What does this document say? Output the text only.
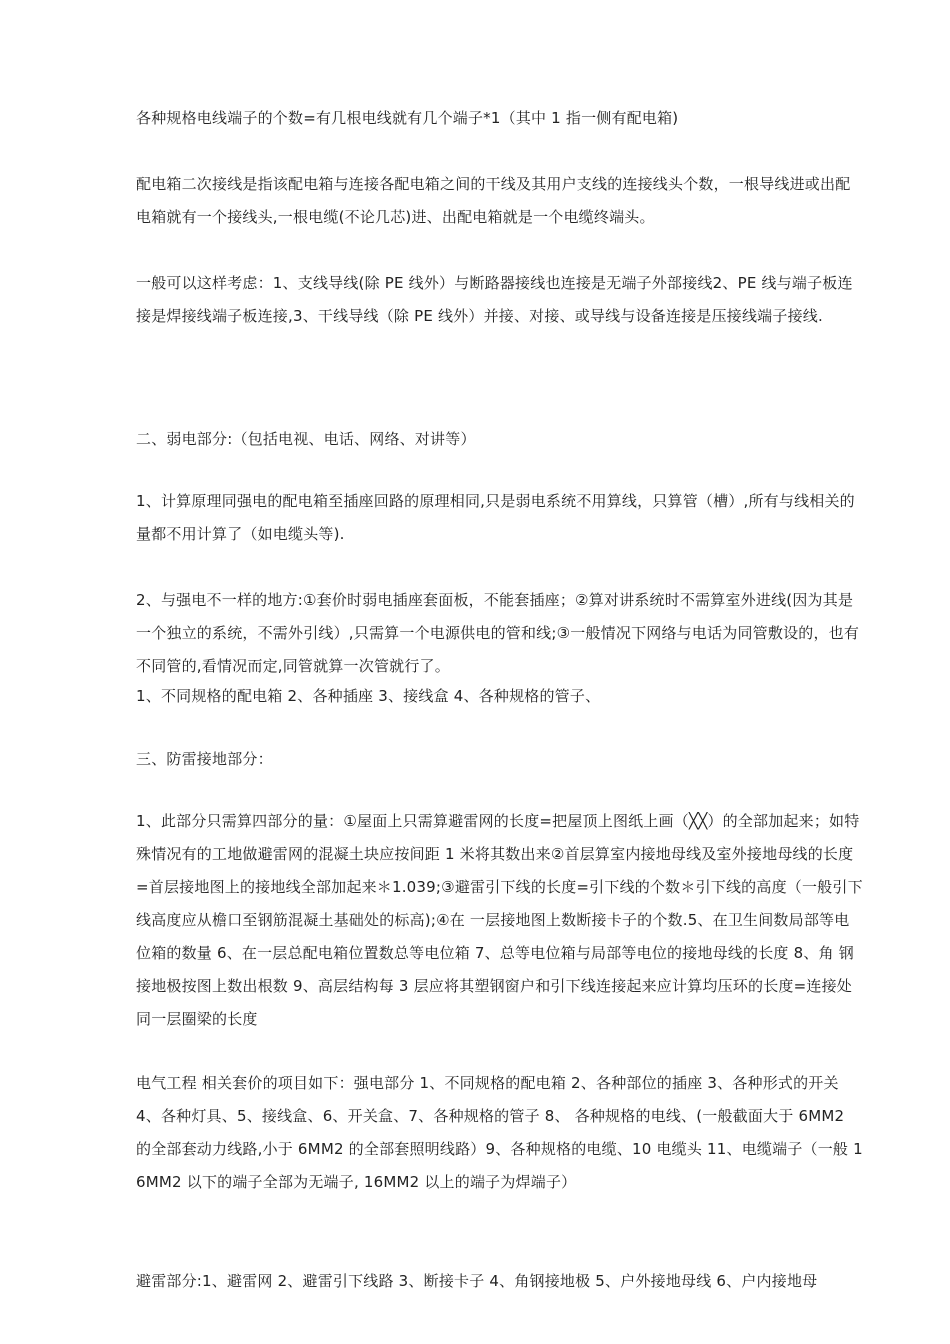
各种规格电线端子的个数=有几根电线就有几个端子*1（其中 1 指一侧有配电箱)

配电箱二次接线是指该配电箱与连接各配电箱之间的干线及其用户支线的连接线头个数，一根导线进或出配电箱就有一个接线头,一根电缆(不论几芯)进、出配电箱就是一个电缆终端头。

一般可以这样考虑：1、支线导线(除 PE 线外）与断路器接线也连接是无端子外部接线2、PE 线与端子板连接是焊接线端子板连接,3、干线导线（除 PE 线外）并接、对接、或导线与设备连接是压接线端子接线.

二、弱电部分:（包括电视、电话、网络、对讲等）

1、计算原理同强电的配电箱至插座回路的原理相同,只是弱电系统不用算线，只算管（槽）,所有与线相关的量都不用计算了（如电缆头等).

2、与强电不一样的地方:①套价时弱电插座套面板，不能套插座；②算对讲系统时不需算室外进线(因为其是一个独立的系统，不需外引线）,只需算一个电源供电的管和线;③一般情况下网络与电话为同管敷设的，也有不同管的,看情况而定,同管就算一次管就行了。

1、不同规格的配电箱 2、各种插座 3、接线盒 4、各种规格的管子、

三、防雷接地部分：

1、此部分只需算四部分的量：①屋面上只需算避雷网的长度=把屋顶上图纸上画（╳╳）的全部加起来；如特殊情况有的工地做避雷网的混凝土块应按间距 1 米将其数出来②首层算室内接地母线及室外接地母线的长度=首层接地图上的接地线全部加起来＊1.039;③避雷引下线的长度=引下线的个数＊引下线的高度（一般引下线高度应从檐口至钢筋混凝土基础处的标高);④在 一层接地图上数断接卡子的个数.5、在卫生间数局部等电位箱的数量 6、在一层总配电箱位置数总等电位箱 7、总等电位箱与局部等电位的接地母线的长度 8、角 钢接地极按图上数出根数 9、高层结构每 3 层应将其塑钢窗户和引下线连接起来应计算均压环的长度=连接处同一层圈梁的长度

电气工程 相关套价的项目如下：强电部分 1、不同规格的配电箱 2、各种部位的插座 3、各种形式的开关 4、各种灯具、5、接线盒、6、开关盒、7、各种规格的管子 8、 各种规格的电线、(一般截面大于 6MM2 的全部套动力线路,小于 6MM2 的全部套照明线路）9、各种规格的电缆、10 电缆头 11、电缆端子（一般 16MM2 以下的端子全部为无端子, 16MM2 以上的端子为焊端子）

避雷部分:1、避雷网 2、避雷引下线路 3、断接卡子 4、角钢接地极 5、户外接地母线 6、户内接地母
